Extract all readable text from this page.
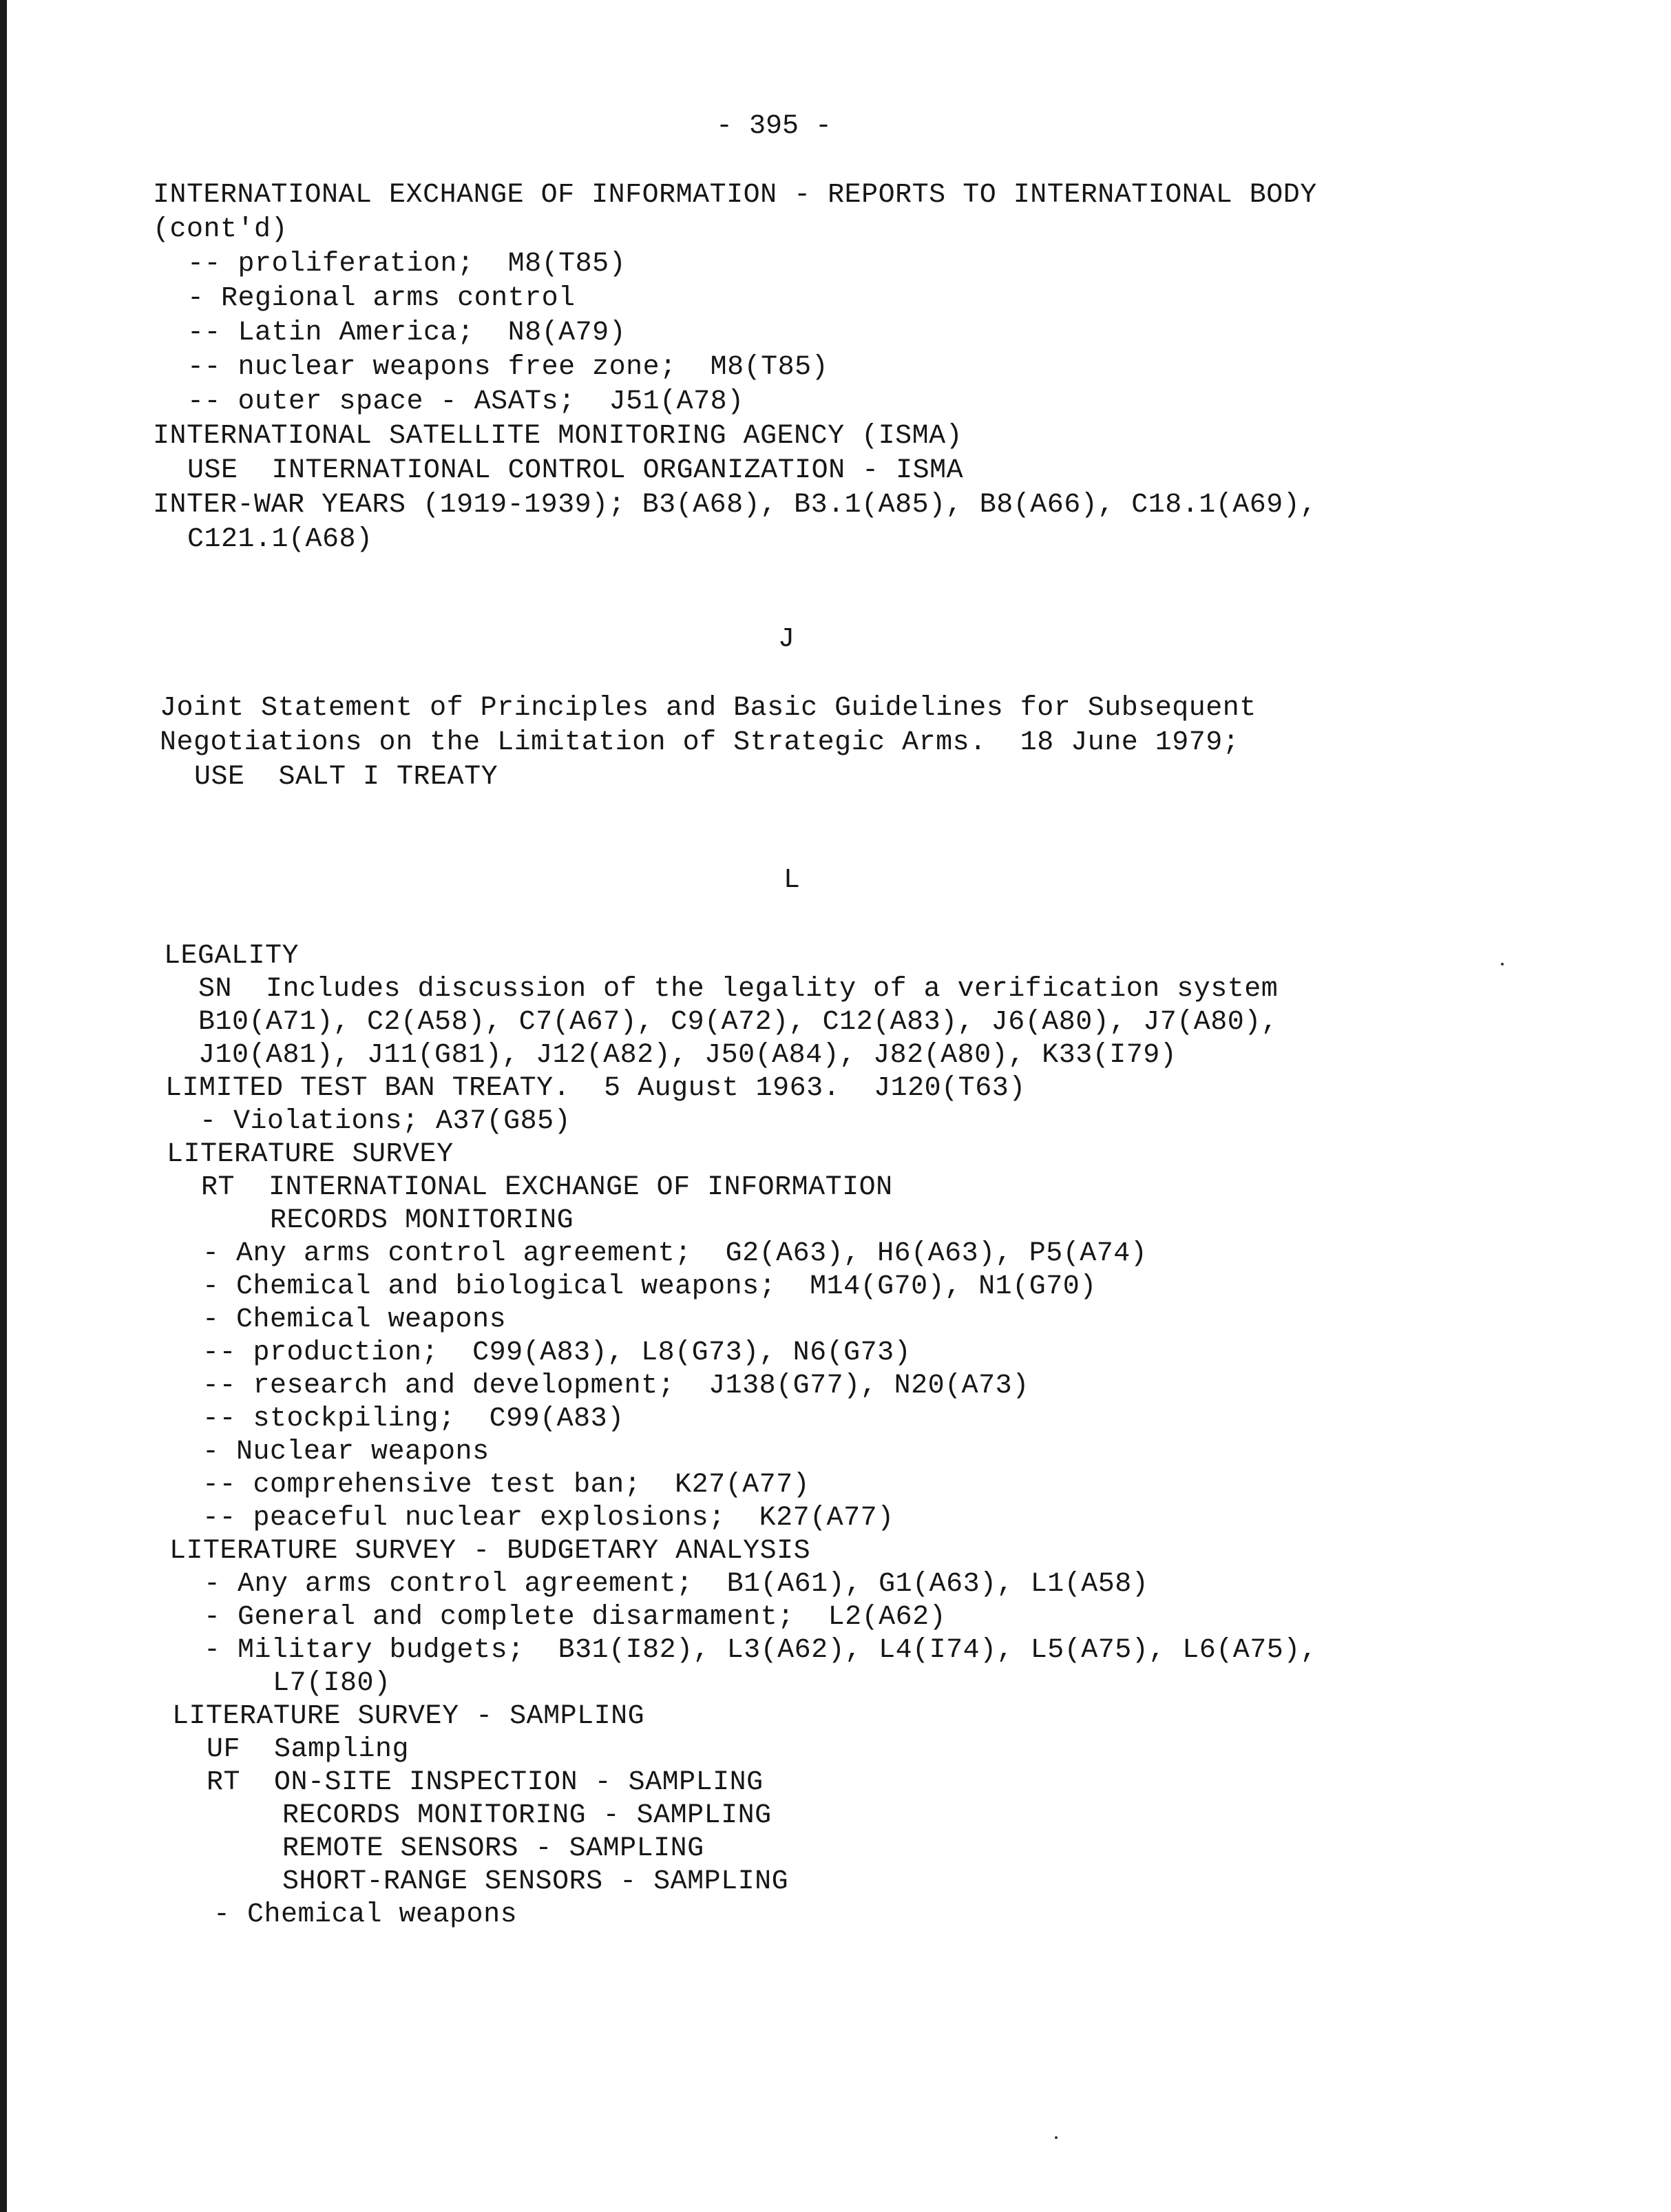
- 395 -
INTERNATIONAL EXCHANGE OF INFORMATION - REPORTS TO INTERNATIONAL BODY
(cont'd)
-- proliferation;  M8(T85)
- Regional arms control
-- Latin America;  N8(A79)
-- nuclear weapons free zone;  M8(T85)
-- outer space - ASATs;  J51(A78)
INTERNATIONAL SATELLITE MONITORING AGENCY (ISMA)
USE  INTERNATIONAL CONTROL ORGANIZATION - ISMA
INTER-WAR YEARS (1919-1939); B3(A68), B3.1(A85), B8(A66), C18.1(A69),
C121.1(A68)
J
Joint Statement of Principles and Basic Guidelines for Subsequent
Negotiations on the Limitation of Strategic Arms.  18 June 1979;
USE  SALT I TREATY
L
LEGALITY
SN  Includes discussion of the legality of a verification system
B10(A71), C2(A58), C7(A67), C9(A72), C12(A83), J6(A80), J7(A80),
J10(A81), J11(G81), J12(A82), J50(A84), J82(A80), K33(I79)
LIMITED TEST BAN TREATY.  5 August 1963.  J120(T63)
- Violations; A37(G85)
LITERATURE SURVEY
RT  INTERNATIONAL EXCHANGE OF INFORMATION
RECORDS MONITORING
- Any arms control agreement;  G2(A63), H6(A63), P5(A74)
- Chemical and biological weapons;  M14(G70), N1(G70)
- Chemical weapons
-- production;  C99(A83), L8(G73), N6(G73)
-- research and development;  J138(G77), N20(A73)
-- stockpiling;  C99(A83)
- Nuclear weapons
-- comprehensive test ban;  K27(A77)
-- peaceful nuclear explosions;  K27(A77)
LITERATURE SURVEY - BUDGETARY ANALYSIS
- Any arms control agreement;  B1(A61), G1(A63), L1(A58)
- General and complete disarmament;  L2(A62)
- Military budgets;  B31(I82), L3(A62), L4(I74), L5(A75), L6(A75),
L7(I80)
LITERATURE SURVEY - SAMPLING
UF  Sampling
RT  ON-SITE INSPECTION - SAMPLING
RECORDS MONITORING - SAMPLING
REMOTE SENSORS - SAMPLING
SHORT-RANGE SENSORS - SAMPLING
- Chemical weapons
